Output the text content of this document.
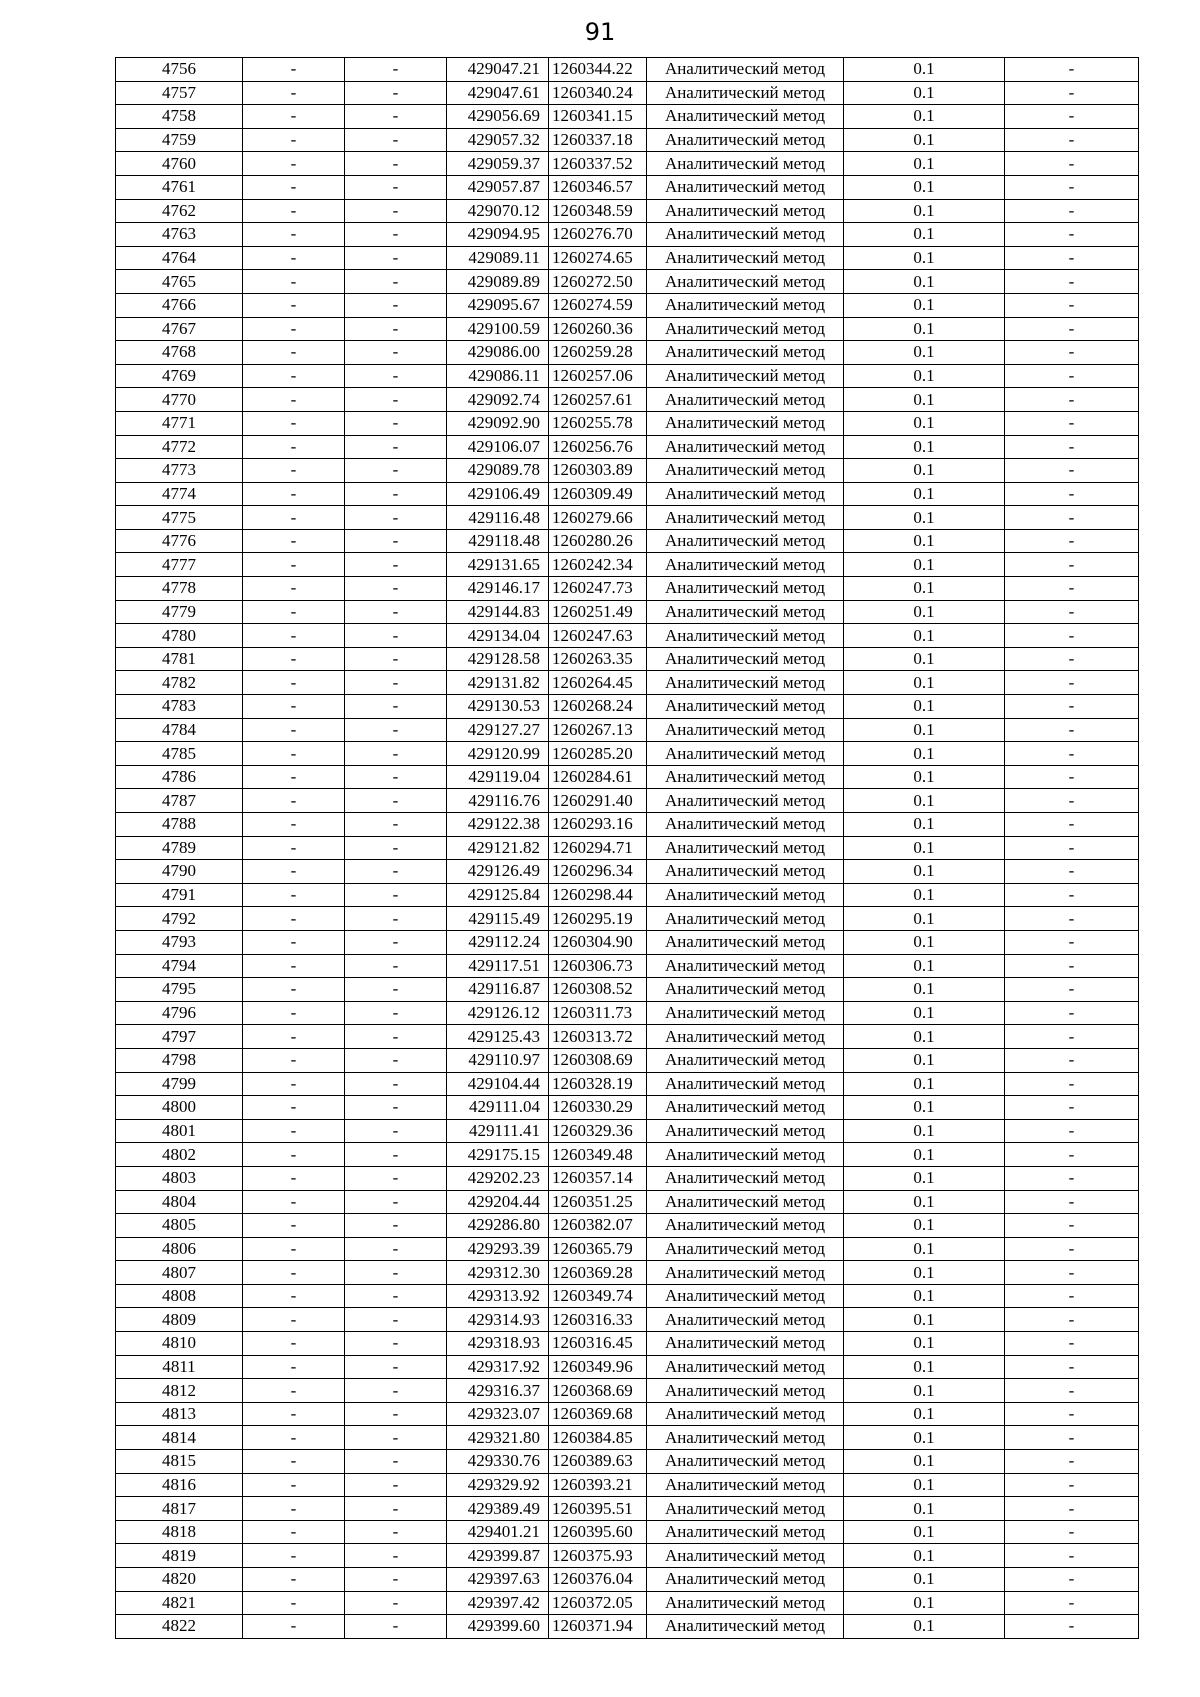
91
4756	-	-	429047.21	1260344.22	Аналитический метод	0.1	-
4757	-	-	429047.61	1260340.24	Аналитический метод	0.1	-
4758	-	-	429056.69	1260341.15	Аналитический метод	0.1	-
4759	-	-	429057.32	1260337.18	Аналитический метод	0.1	-
4760	-	-	429059.37	1260337.52	Аналитический метод	0.1	-
4761	-	-	429057.87	1260346.57	Аналитический метод	0.1	-
4762	-	-	429070.12	1260348.59	Аналитический метод	0.1	-
4763	-	-	429094.95	1260276.70	Аналитический метод	0.1	-
4764	-	-	429089.11	1260274.65	Аналитический метод	0.1	-
4765	-	-	429089.89	1260272.50	Аналитический метод	0.1	-
4766	-	-	429095.67	1260274.59	Аналитический метод	0.1	-
4767	-	-	429100.59	1260260.36	Аналитический метод	0.1	-
4768	-	-	429086.00	1260259.28	Аналитический метод	0.1	-
4769	-	-	429086.11	1260257.06	Аналитический метод	0.1	-
4770	-	-	429092.74	1260257.61	Аналитический метод	0.1	-
4771	-	-	429092.90	1260255.78	Аналитический метод	0.1	-
4772	-	-	429106.07	1260256.76	Аналитический метод	0.1	-
4773	-	-	429089.78	1260303.89	Аналитический метод	0.1	-
4774	-	-	429106.49	1260309.49	Аналитический метод	0.1	-
4775	-	-	429116.48	1260279.66	Аналитический метод	0.1	-
4776	-	-	429118.48	1260280.26	Аналитический метод	0.1	-
4777	-	-	429131.65	1260242.34	Аналитический метод	0.1	-
4778	-	-	429146.17	1260247.73	Аналитический метод	0.1	-
4779	-	-	429144.83	1260251.49	Аналитический метод	0.1	-
4780	-	-	429134.04	1260247.63	Аналитический метод	0.1	-
4781	-	-	429128.58	1260263.35	Аналитический метод	0.1	-
4782	-	-	429131.82	1260264.45	Аналитический метод	0.1	-
4783	-	-	429130.53	1260268.24	Аналитический метод	0.1	-
4784	-	-	429127.27	1260267.13	Аналитический метод	0.1	-
4785	-	-	429120.99	1260285.20	Аналитический метод	0.1	-
4786	-	-	429119.04	1260284.61	Аналитический метод	0.1	-
4787	-	-	429116.76	1260291.40	Аналитический метод	0.1	-
4788	-	-	429122.38	1260293.16	Аналитический метод	0.1	-
4789	-	-	429121.82	1260294.71	Аналитический метод	0.1	-
4790	-	-	429126.49	1260296.34	Аналитический метод	0.1	-
4791	-	-	429125.84	1260298.44	Аналитический метод	0.1	-
4792	-	-	429115.49	1260295.19	Аналитический метод	0.1	-
4793	-	-	429112.24	1260304.90	Аналитический метод	0.1	-
4794	-	-	429117.51	1260306.73	Аналитический метод	0.1	-
4795	-	-	429116.87	1260308.52	Аналитический метод	0.1	-
4796	-	-	429126.12	1260311.73	Аналитический метод	0.1	-
4797	-	-	429125.43	1260313.72	Аналитический метод	0.1	-
4798	-	-	429110.97	1260308.69	Аналитический метод	0.1	-
4799	-	-	429104.44	1260328.19	Аналитический метод	0.1	-
4800	-	-	429111.04	1260330.29	Аналитический метод	0.1	-
4801	-	-	429111.41	1260329.36	Аналитический метод	0.1	-
4802	-	-	429175.15	1260349.48	Аналитический метод	0.1	-
4803	-	-	429202.23	1260357.14	Аналитический метод	0.1	-
4804	-	-	429204.44	1260351.25	Аналитический метод	0.1	-
4805	-	-	429286.80	1260382.07	Аналитический метод	0.1	-
4806	-	-	429293.39	1260365.79	Аналитический метод	0.1	-
4807	-	-	429312.30	1260369.28	Аналитический метод	0.1	-
4808	-	-	429313.92	1260349.74	Аналитический метод	0.1	-
4809	-	-	429314.93	1260316.33	Аналитический метод	0.1	-
4810	-	-	429318.93	1260316.45	Аналитический метод	0.1	-
4811	-	-	429317.92	1260349.96	Аналитический метод	0.1	-
4812	-	-	429316.37	1260368.69	Аналитический метод	0.1	-
4813	-	-	429323.07	1260369.68	Аналитический метод	0.1	-
4814	-	-	429321.80	1260384.85	Аналитический метод	0.1	-
4815	-	-	429330.76	1260389.63	Аналитический метод	0.1	-
4816	-	-	429329.92	1260393.21	Аналитический метод	0.1	-
4817	-	-	429389.49	1260395.51	Аналитический метод	0.1	-
4818	-	-	429401.21	1260395.60	Аналитический метод	0.1	-
4819	-	-	429399.87	1260375.93	Аналитический метод	0.1	-
4820	-	-	429397.63	1260376.04	Аналитический метод	0.1	-
4821	-	-	429397.42	1260372.05	Аналитический метод	0.1	-
4822	-	-	429399.60	1260371.94	Аналитический метод	0.1	-
